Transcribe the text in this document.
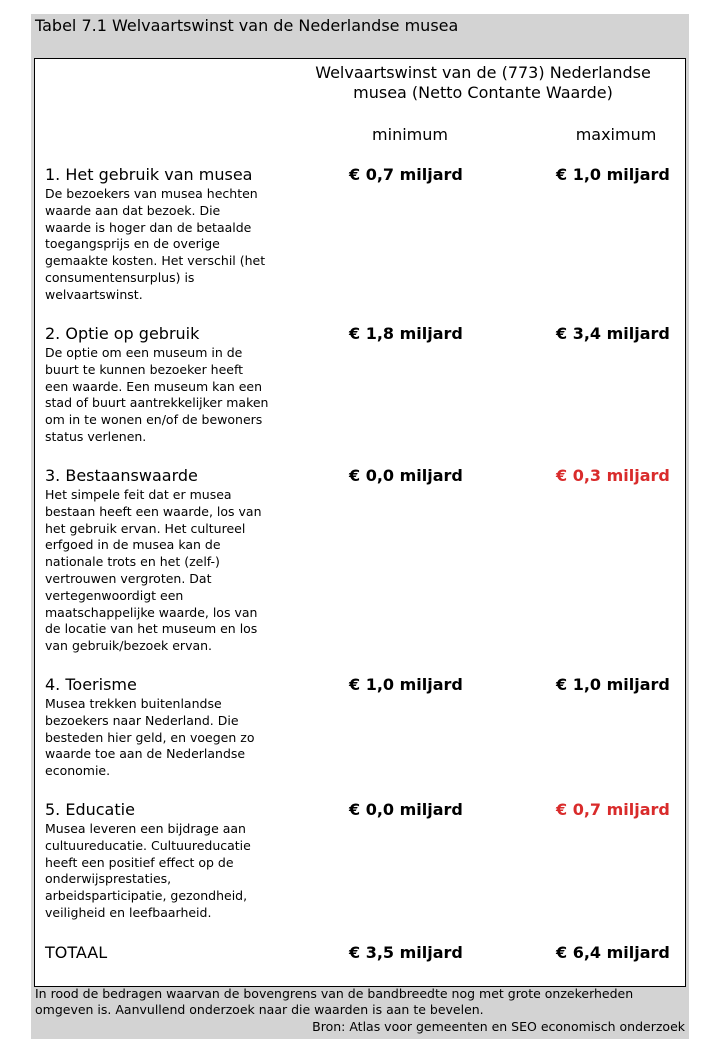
Tabel 7.1 Welvaartswinst van de Nederlandse musea
Welvaartswinst van de (773) Nederlandse
musea (Netto Contante Waarde)
minimum	maximum
1. Het gebruik van musea
De bezoekers van musea hechten waarde aan dat bezoek. Die waarde is hoger dan de betaalde toegangsprijs en de overige gemaakte kosten. Het verschil (het consumentensurplus) is welvaartswinst.
€ 0,7 miljard	€ 1,0 miljard
2. Optie op gebruik
De optie om een museum in de buurt te kunnen bezoeker heeft een waarde. Een museum kan een stad of buurt aantrekkelijker maken om in te wonen en/of de bewoners status verlenen.
€ 1,8 miljard	€ 3,4 miljard
3. Bestaanswaarde
Het simpele feit dat er musea bestaan heeft een waarde, los van het gebruik ervan. Het cultureel erfgoed in de musea kan de nationale trots en het (zelf-) vertrouwen vergroten. Dat vertegenwoordigt een maatschappelijke waarde, los van de locatie van het museum en los van gebruik/bezoek ervan.
€ 0,0 miljard	€ 0,3 miljard
4. Toerisme
Musea trekken buitenlandse bezoekers naar Nederland. Die besteden hier geld, en voegen zo waarde toe aan de Nederlandse economie.
€ 1,0 miljard	€ 1,0 miljard
5. Educatie
Musea leveren een bijdrage aan cultuureducatie. Cultuureducatie heeft een positief effect op de onderwijsprestaties, arbeidsparticipatie, gezondheid, veiligheid en leefbaarheid.
€ 0,0 miljard	€ 0,7 miljard
TOTAAL	€ 3,5 miljard	€ 6,4 miljard
In rood de bedragen waarvan de bovengrens van de bandbreedte nog met grote onzekerheden omgeven is. Aanvullend onderzoek naar die waarden is aan te bevelen.
Bron: Atlas voor gemeenten en SEO economisch onderzoek
